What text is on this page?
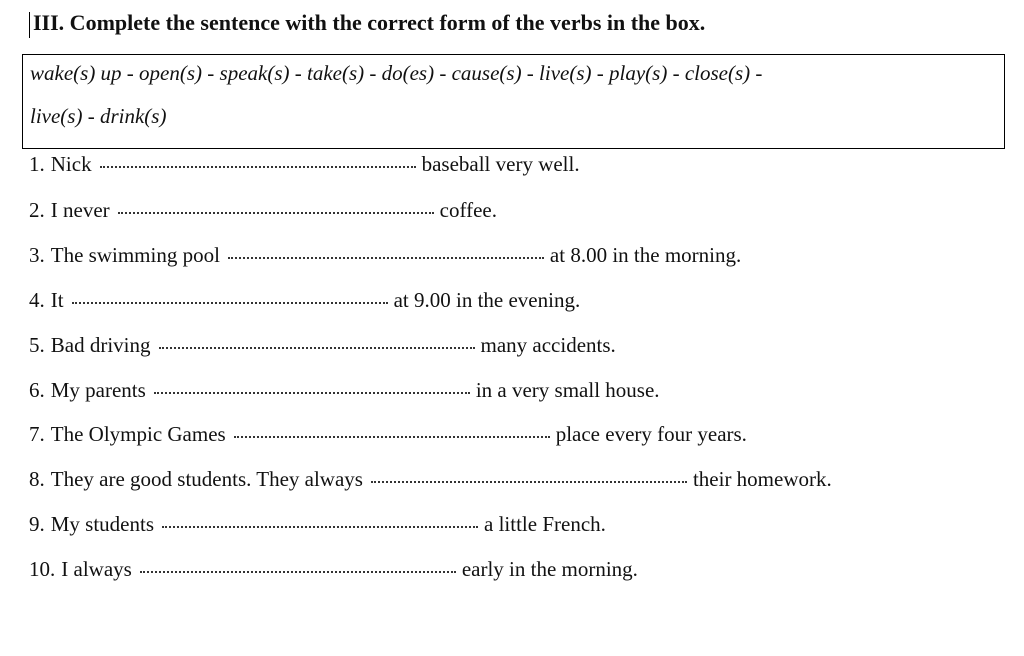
III. Complete the sentence with the correct form of the verbs in the box.
wake(s) up - open(s) - speak(s) - take(s) - do(es) - cause(s) - live(s) - play(s) - close(s) -
live(s) - drink(s)
1. Nick	baseball very well.
2. I never	coffee.
3. The swimming pool	at 8.00 in the morning.
4. It	at 9.00 in the evening.
5. Bad driving	many accidents.
6. My parents	in a very small house.
7. The Olympic Games	place every four years.
8. They are good students. They always	their homework.
9. My students	a little French.
10. I always	early in the morning.
